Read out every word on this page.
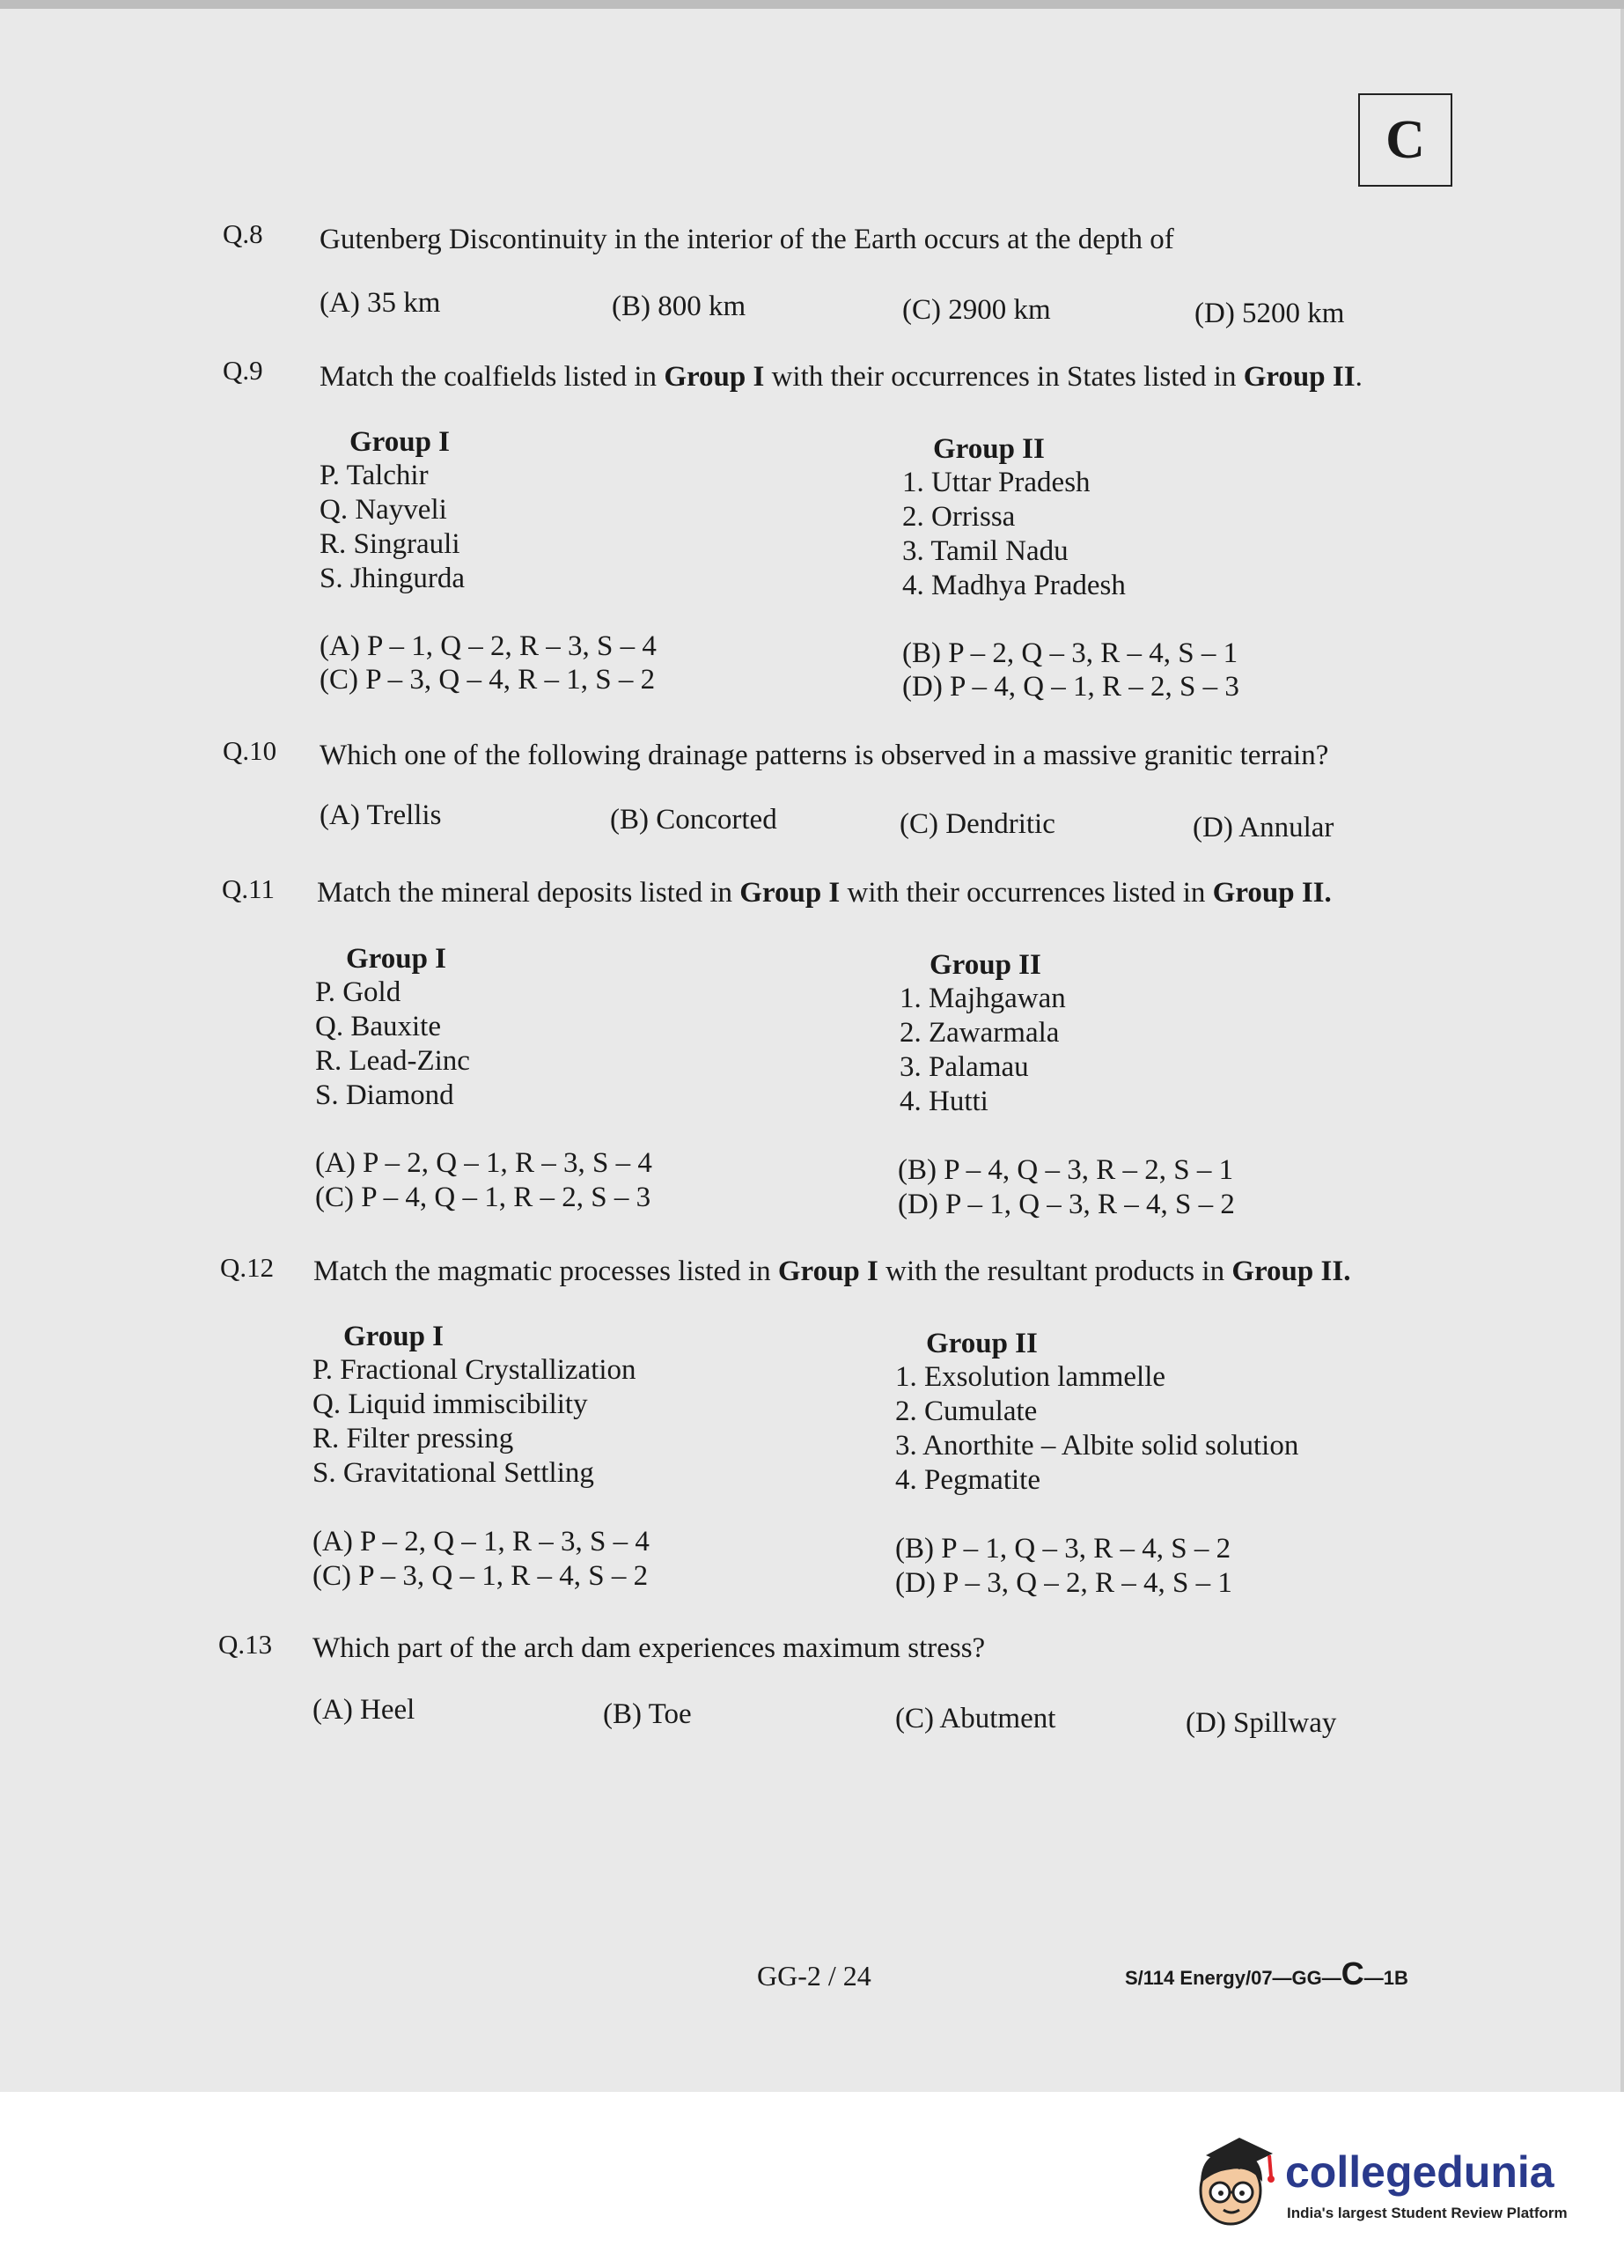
C
Q.8 Gutenberg Discontinuity in the interior of the Earth occurs at the depth of
(A) 35 km	(B) 800 km	(C) 2900 km	(D) 5200 km
Q.9 Match the coalfields listed in Group I with their occurrences in States listed in Group II.
Group I
P. Talchir
Q. Nayveli
R. Singrauli
S. Jhingurda
Group II
1. Uttar Pradesh
2. Orrissa
3. Tamil Nadu
4. Madhya Pradesh
(A) P – 1, Q – 2, R – 3, S – 4	(B) P – 2, Q – 3, R – 4, S – 1
(C) P – 3, Q – 4, R – 1, S – 2	(D) P – 4, Q – 1, R – 2, S – 3
Q.10 Which one of the following drainage patterns is observed in a massive granitic terrain?
(A) Trellis	(B) Concorted	(C) Dendritic	(D) Annular
Q.11 Match the mineral deposits listed in Group I with their occurrences listed in Group II.
Group I
P. Gold
Q. Bauxite
R. Lead-Zinc
S. Diamond
Group II
1. Majhgawan
2. Zawarmala
3. Palamau
4. Hutti
(A) P – 2, Q – 1, R – 3, S – 4	(B) P – 4, Q – 3, R – 2, S – 1
(C) P – 4, Q – 1, R – 2, S – 3	(D) P – 1, Q – 3, R – 4, S – 2
Q.12 Match the magmatic processes listed in Group I with the resultant products in Group II.
Group I
P. Fractional Crystallization
Q. Liquid immiscibility
R. Filter pressing
S. Gravitational Settling
Group II
1. Exsolution lammelle
2. Cumulate
3. Anorthite – Albite solid solution
4. Pegmatite
(A) P – 2, Q – 1, R – 3, S – 4	(B) P – 1, Q – 3, R – 4, S – 2
(C) P – 3, Q – 1, R – 4, S – 2	(D) P – 3, Q – 2, R – 4, S – 1
Q.13 Which part of the arch dam experiences maximum stress?
(A) Heel	(B) Toe	(C) Abutment	(D) Spillway
GG-2 / 24	S/114 Energy/07—GG—C—1B
collegedunia
India's largest Student Review Platform
